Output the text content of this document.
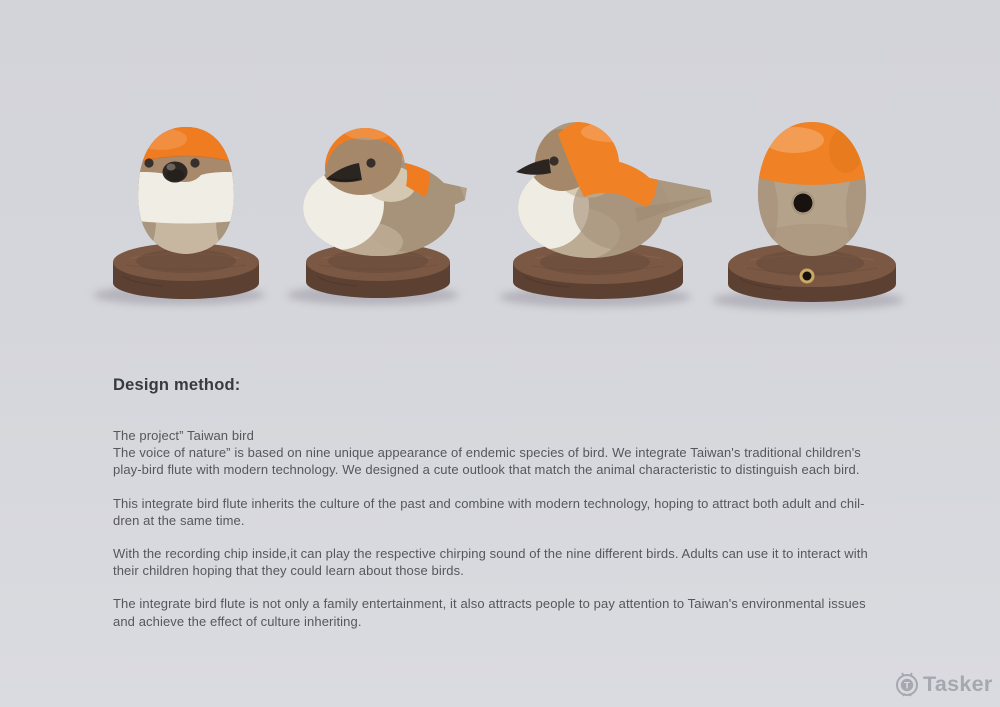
Design method:
The project” Taiwan bird
The voice of nature” is based on nine unique appearance of endemic species of bird. We integrate Taiwan's traditional children's
play-bird flute with modern technology. We designed a cute outlook that match the animal characteristic to distinguish each bird.
This integrate bird flute inherits the culture of the past and combine with modern technology, hoping to attract both adult and chil-
dren at the same time.
With the recording chip inside,it can play the respective chirping sound of the nine different birds. Adults can use it to interact with
their children hoping that they could learn about those birds.
The integrate bird flute is not only a family entertainment, it also attracts people to pay attention to Taiwan's environmental issues
and achieve the effect of culture inheriting.
T Tasker
